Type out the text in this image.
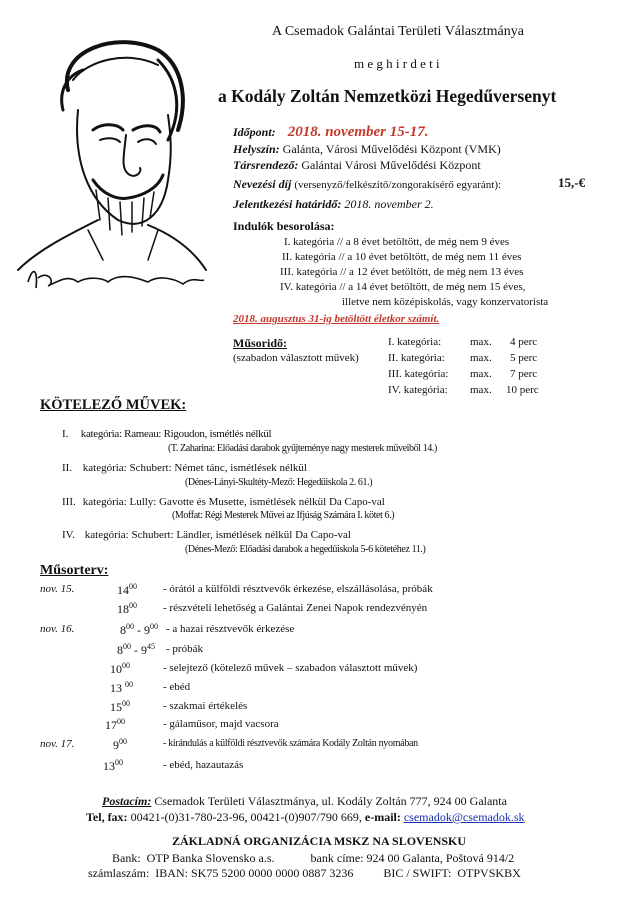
A Csemadok Galántai Területi Választmánya
m e g h i r d e t i
a Kodály Zoltán Nemzetközi Hegedűversenyt
Időpont: 2018. november 15-17.
Helyszín: Galánta, Városi Művelődési Központ (VMK)
Társrendező: Galántai Városi Művelődési Központ
Nevezési díj (versenyző/felkészítő/zongorakísérő egyaránt):	15,-€
Jelentkezési határidő: 2018. november 2.
Indulók besorolása:
I. kategória // a 8 évet betöltött, de még nem 9 éves
II. kategória // a 10 évet betöltött, de még nem 11 éves
III. kategória // a 12 évet betöltött, de még nem 13 éves
IV. kategória // a 14 évet betöltött, de még nem 15 éves,
illetve nem középiskolás, vagy konzervatorista
2018. augusztus 31-ig betöltött életkor számít.
Műsoridő:
(szabadon választott művek)
I. kategória:	max. 4 perc
II. kategória: max. 5 perc
III. kategória: max. 7 perc
IV. kategória: max. 10 perc
KÖTELEZŐ MŰVEK:
I. kategória: Rameau: Rigoudon, ismétlés nélkül
(T. Zaharina: Előadási darabok gyűjteménye nagy mesterek műveiből 14.)
II. kategória: Schubert: Német tánc, ismétlések nélkül
(Dénes-Lányi-Skultéty-Mező: Hegedűiskola 2. 61.)
III. kategória: Lully: Gavotte és Musette, ismétlések nélkül Da Capo-val
(Moffat: Régi Mesterek Művei az Ifjúság Számára I. kötet 6.)
IV. kategória: Schubert: Ländler, ismétlések nélkül Da Capo-val
(Dénes-Mező: Előadási darabok a hegedűiskola 5-6 kötetéhez 11.)
Műsorterv:
nov. 15.	$14^{00}$ - órától a külföldi résztvevők érkezése, elszállásolása, próbák
$18^{00}$ - részvételi lehetőség a Galántai Zenei Napok rendezvényén
nov. 16.	$8^{00} - 9^{00}$ - a hazai résztvevők érkezése
$8^{00} - 9^{45}$ - próbák
$10^{00}$	- selejtező (kötelező művek – szabadon választott művek)
13 $^{00}$	- ebéd
$15^{00}$	- szakmai értékelés
$17^{00}$	- gálaműsor, majd vacsora
nov. 17.	$9^{00}$	- kirándulás a külföldi résztvevők számára Kodály Zoltán nyomában
$13^{00}$	- ebéd, hazautazás
Postacím: Csemadok Területi Választmánya, ul. Kodály Zoltán 777, 924 00 Galanta
Tel, fax: 00421-(0)31-780-23-96, 00421-(0)907/790 669, e-mail: csemadok@csemadok.sk
ZÁKLADNÁ ORGANIZÁCIA MSKZ NA SLOVENSKU
Bank:  OTP Banka Slovensko a.s.            bank címe: 924 00 Galanta, Poštová 914/2
számlaszám:  IBAN: SK75 5200 0000 0000 0887 3236          BIC / SWIFT:  OTPVSKBX
